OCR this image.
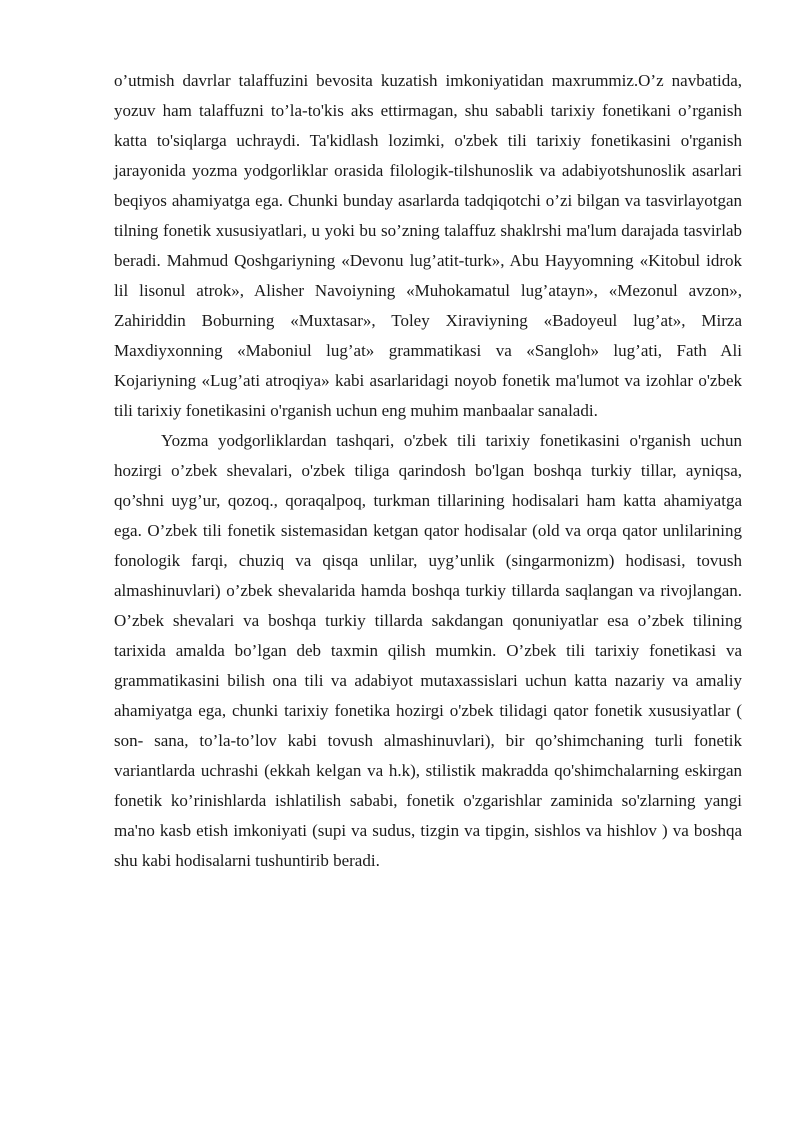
o’utmish davrlar talaffuzini bevosita kuzatish imkoniyatidan maxrummiz.O’z navbatida, yozuv ham talaffuzni to’la-to'kis aks ettirmagan, shu sababli tarixiy fonetikani o’rganish katta to'siqlarga uchraydi. Ta'kidlash lozimki, o'zbek tili tarixiy fonetikasini o'rganish jarayonida yozma yodgorliklar orasida filologik-tilshunoslik va adabiyotshunoslik asarlari beqiyos ahamiyatga ega. Chunki bunday asarlarda tadqiqotchi o’zi bilgan va tasvirlayotgan tilning fonetik xususiyatlari, u yoki bu so’zning talaffuz shaklrshi ma'lum darajada tasvirlab beradi. Mahmud Qoshgariyning «Devonu lug’atit-turk», Abu Hayyomning «Kitobul idrok lil lisonul atrok», Alisher Navoiyning «Muhokamatul lug’atayn», «Mezonul avzon», Zahiriddin Boburning «Muxtasar», Toley Xiraviyning «Badoyeul lug’at», Mirza Maxdiyxonning «Maboniul lug’at» grammatikasi va «Sangloh» lug’ati, Fath Ali Kojariyning «Lug’ati atroqiya» kabi asarlaridagi noyob fonetik ma'lumot va izohlar o'zbek tili tarixiy fonetikasini o'rganish uchun eng muhim manbaalar sanaladi.

Yozma yodgorliklardan tashqari, o'zbek tili tarixiy fonetikasini o'rganish uchun hozirgi o’zbek shevalari, o'zbek tiliga qarindosh bo'lgan boshqa turkiy tillar, ayniqsa, qo’shni uyg’ur, qozoq., qoraqalpoq, turkman tillarining hodisalari ham katta ahamiyatga ega. O’zbek tili fonetik sistemasidan ketgan qator hodisalar (old va orqa qator unlilarining fonologik farqi, chuziq va qisqa unlilar, uyg’unlik (singarmonizm) hodisasi, tovush almashinuvlari) o’zbek shevalarida hamda boshqa turkiy tillarda saqlangan va rivojlangan. O’zbek shevalari va boshqa turkiy tillarda sakdangan qonuniyatlar esa o’zbek tilining tarixida amalda bo’lgan deb taxmin qilish mumkin. O’zbek tili tarixiy fonetikasi va grammatikasini bilish ona tili va adabiyot mutaxassislari uchun katta nazariy va amaliy ahamiyatga ega, chunki tarixiy fonetika hozirgi o'zbek tilidagi qator fonetik xususiyatlar ( son- sana, to’la-to’lov kabi tovush almashinuvlari), bir qo’shimchaning turli fonetik variantlarda uchrashi (ekkah kelgan va h.k), stilistik makradda qo'shimchalarning eskirgan fonetik ko’rinishlarda ishlatilish sababi, fonetik o'zgarishlar zaminida so'zlarning yangi ma'no kasb etish imkoniyati (supi va sudus, tizgin va tipgin, sishlos va hishlov ) va boshqa shu kabi hodisalarni tushuntirib beradi.
